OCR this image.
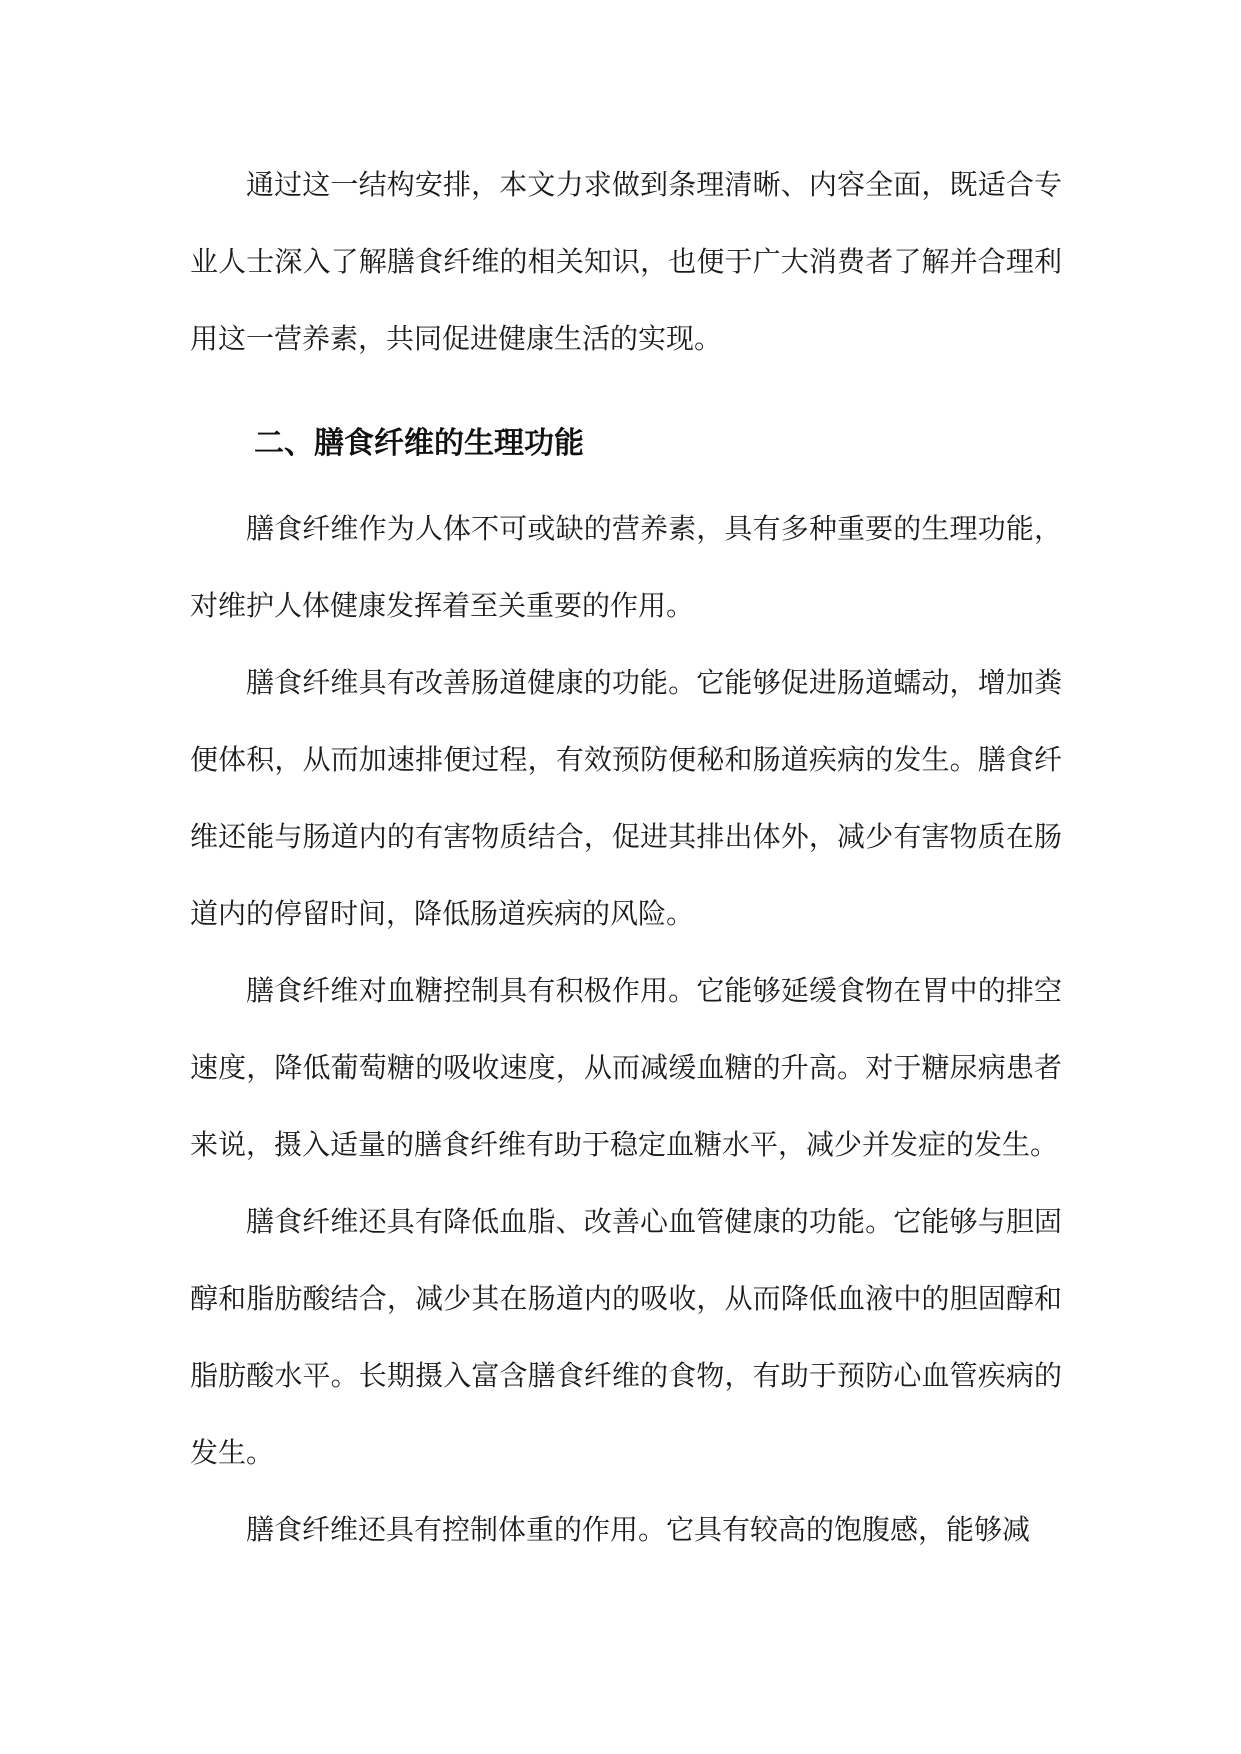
通过这一结构安排，本文力求做到条理清晰、内容全面，既适合专业人士深入了解膳食纤维的相关知识，也便于广大消费者了解并合理利用这一营养素，共同促进健康生活的实现。

二、膳食纤维的生理功能

膳食纤维作为人体不可或缺的营养素，具有多种重要的生理功能，对维护人体健康发挥着至关重要的作用。

膳食纤维具有改善肠道健康的功能。它能够促进肠道蠕动，增加粪便体积，从而加速排便过程，有效预防便秘和肠道疾病的发生。膳食纤维还能与肠道内的有害物质结合，促进其排出体外，减少有害物质在肠道内的停留时间，降低肠道疾病的风险。

膳食纤维对血糖控制具有积极作用。它能够延缓食物在胃中的排空速度，降低葡萄糖的吸收速度，从而减缓血糖的升高。对于糖尿病患者来说，摄入适量的膳食纤维有助于稳定血糖水平，减少并发症的发生。

膳食纤维还具有降低血脂、改善心血管健康的功能。它能够与胆固醇和脂肪酸结合，减少其在肠道内的吸收，从而降低血液中的胆固醇和脂肪酸水平。长期摄入富含膳食纤维的食物，有助于预防心血管疾病的发生。

膳食纤维还具有控制体重的作用。它具有较高的饱腹感，能够减
